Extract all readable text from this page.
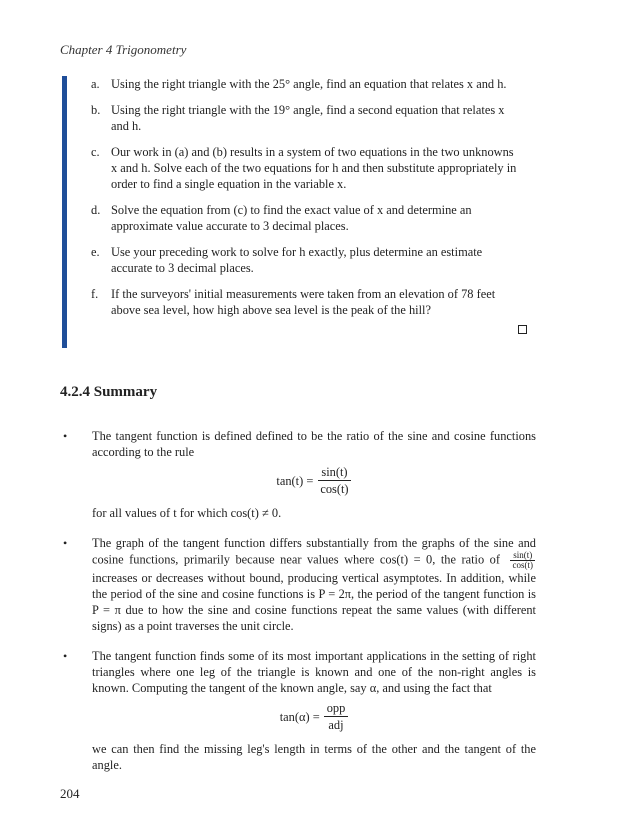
Chapter 4 Trigonometry
a. Using the right triangle with the 25° angle, find an equation that relates x and h.
b. Using the right triangle with the 19° angle, find a second equation that relates x and h.
c. Our work in (a) and (b) results in a system of two equations in the two unknowns x and h. Solve each of the two equations for h and then substitute appropriately in order to find a single equation in the variable x.
d. Solve the equation from (c) to find the exact value of x and determine an approximate value accurate to 3 decimal places.
e. Use your preceding work to solve for h exactly, plus determine an estimate accurate to 3 decimal places.
f. If the surveyors' initial measurements were taken from an elevation of 78 feet above sea level, how high above sea level is the peak of the hill?
4.2.4 Summary
• The tangent function is defined defined to be the ratio of the sine and cosine functions according to the rule
$\tan(t) = \frac{\sin(t)}{\cos(t)}$
for all values of t for which cos(t) ≠ 0.
• The graph of the tangent function differs substantially from the graphs of the sine and cosine functions, primarily because near values where cos(t) = 0, the ratio of $\frac{\sin(t)}{\cos(t)}$
increases or decreases without bound, producing vertical asymptotes. In addition, while the period of the sine and cosine functions is P = 2π, the period of the tangent function is P = π due to how the sine and cosine functions repeat the same values (with different signs) as a point traverses the unit circle.
• The tangent function finds some of its most important applications in the setting of right triangles where one leg of the triangle is known and one of the non-right angles is known. Computing the tangent of the known angle, say α, and using the fact that
$\tan(\alpha) = \frac{\text{opp}}{\text{adj}}$
we can then find the missing leg's length in terms of the other and the tangent of the angle.
204
